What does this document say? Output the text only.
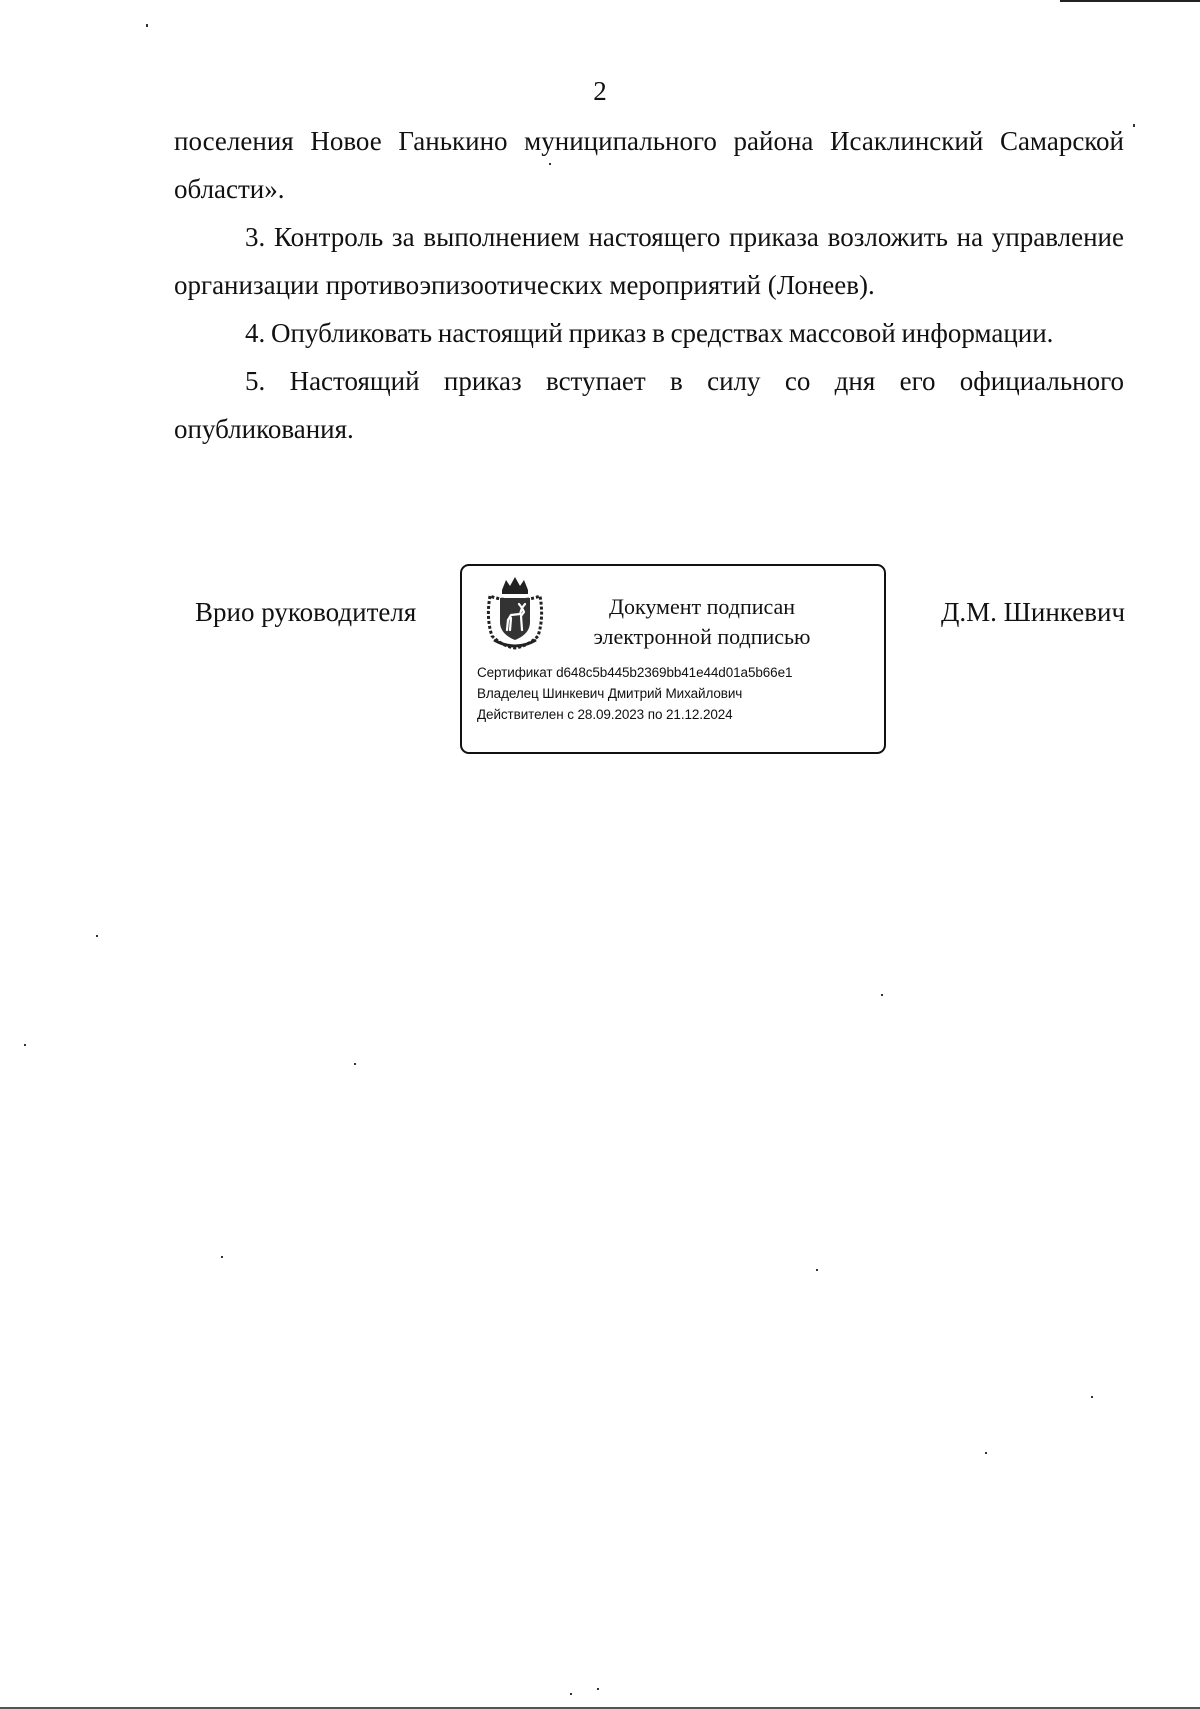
2

поселения Новое Ганькино муниципального района Исаклинский Самарской области».

3. Контроль за выполнением настоящего приказа возложить на управление организации противоэпизоотических мероприятий (Лонеев).

4. Опубликовать настоящий приказ в средствах массовой информации.

5. Настоящий приказ вступает в силу со дня его официального опубликования.

Врио руководителя	Документ подписан
электронной подписью
Сертификат d648c5b445b2369bb41e44d01a5b66e1
Владелец Шинкевич Дмитрий Михайлович
Действителен с 28.09.2023 по 21.12.2024
Д.М. Шинкевич
